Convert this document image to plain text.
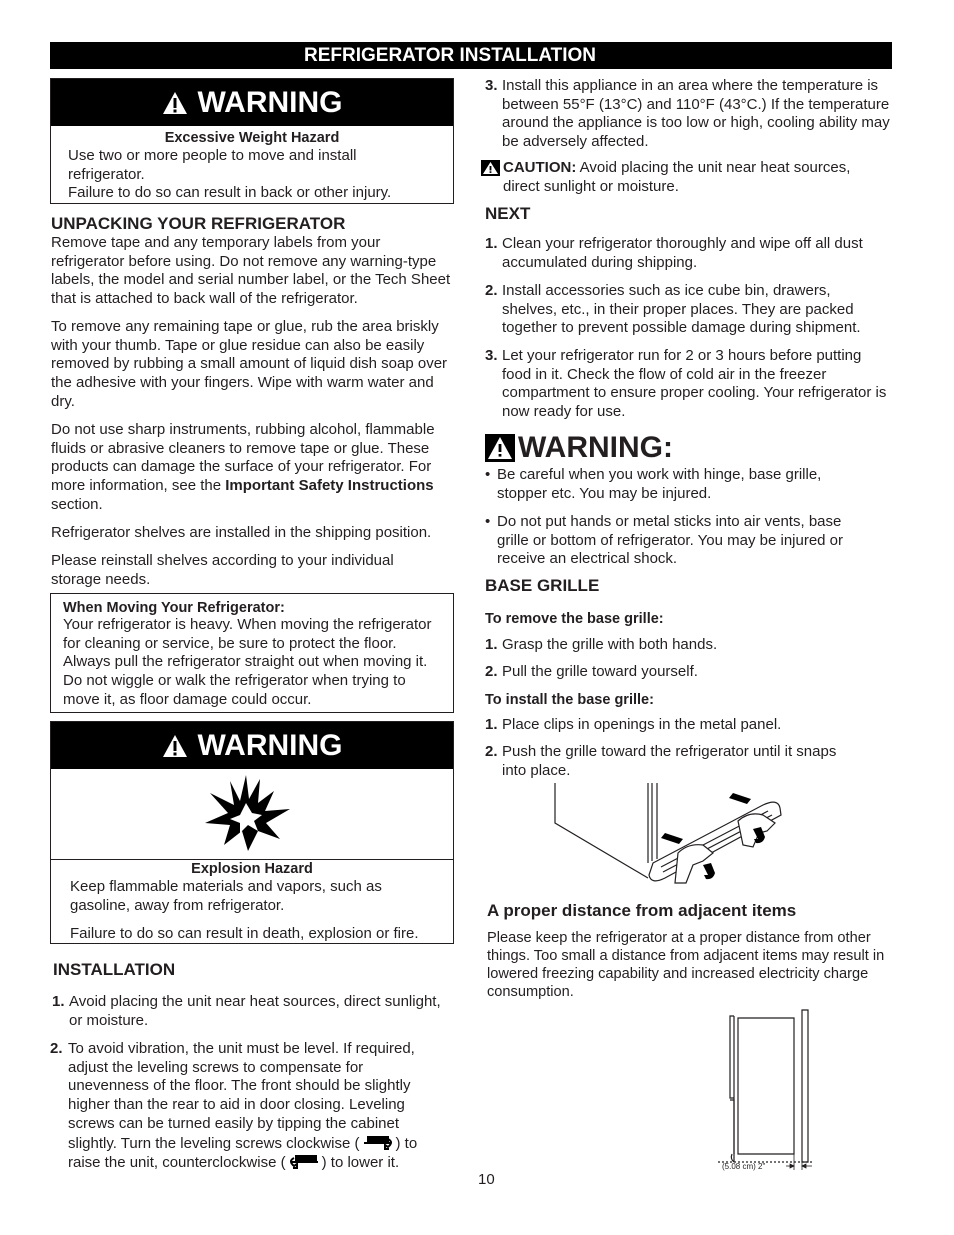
REFRIGERATOR INSTALLATION
WARNING
Excessive Weight Hazard

Use two or more people to move and install refrigerator.

Failure to do so can result in back or other injury.

UNPACKING YOUR REFRIGERATOR

Remove tape and any temporary labels from your refrigerator before using. Do not remove any warning-type labels, the model and serial number label, or the Tech Sheet that is attached to back wall of the refrigerator.

To remove any remaining tape or glue, rub the area briskly with your thumb. Tape or glue residue can also be easily removed by rubbing a small amount of liquid dish soap over the adhesive with your fingers. Wipe with warm water and dry.

Do not use sharp instruments, rubbing alcohol, flammable fluids or abrasive cleaners to remove tape or glue. These products can damage the surface of your refrigerator. For more information, see the Important Safety Instructions section.

Refrigerator shelves are installed in the shipping position.

Please reinstall shelves according to your individual storage needs.

When Moving Your Refrigerator:

Your refrigerator is heavy. When moving the refrigerator for cleaning or service, be sure to protect the floor. Always pull the refrigerator straight out when moving it. Do not wiggle or walk the refrigerator when trying to move it, as floor damage could occur.

WARNING
Explosion Hazard

Keep flammable materials and vapors, such as gasoline, away from refrigerator.

Failure to do so can result in death, explosion or fire.

INSTALLATION
1. Avoid placing the unit near heat sources, direct sunlight, or moisture.
2. To avoid vibration, the unit must be level. If required, adjust the leveling screws to compensate for unevenness of the floor. The front should be slightly higher than the rear to aid in door closing. Leveling screws can be turned easily by tipping the cabinet slightly. Turn the leveling screws clockwise ( ) to raise the unit, counterclockwise ( ) to lower it.
10
3. Install this appliance in an area where the temperature is between 55°F (13°C) and 110°F (43°C.) If the temperature around the appliance is too low or high, cooling ability may be adversely affected.
CAUTION: Avoid placing the unit near heat sources, direct sunlight or moisture.
NEXT
1. Clean your refrigerator thoroughly and wipe off all dust accumulated during shipping.
2. Install accessories such as ice cube bin, drawers, shelves, etc., in their proper places. They are packed together to prevent possible damage during shipment.
3. Let your refrigerator run for 2 or 3 hours before putting food in it. Check the flow of cold air in the freezer compartment to ensure proper cooling. Your refrigerator is now ready for use.
WARNING:
• Be careful when you work with hinge, base grille, stopper etc. You may be injured.
• Do not put hands or metal sticks into air vents, base grille or bottom of refrigerator. You may be injured or receive an electrical shock.
BASE GRILLE
To remove the base grille:
1. Grasp the grille with both hands.
2. Pull the grille toward yourself.
To install the base grille:
1. Place clips in openings in the metal panel.
2. Push the grille toward the refrigerator until it snaps into place.
A proper distance from adjacent items

Please keep the refrigerator at a proper distance from other things. Too small a distance from adjacent items may result in lowered freezing capability and increased electricity charge consumption.

(5.08 cm) 2"
